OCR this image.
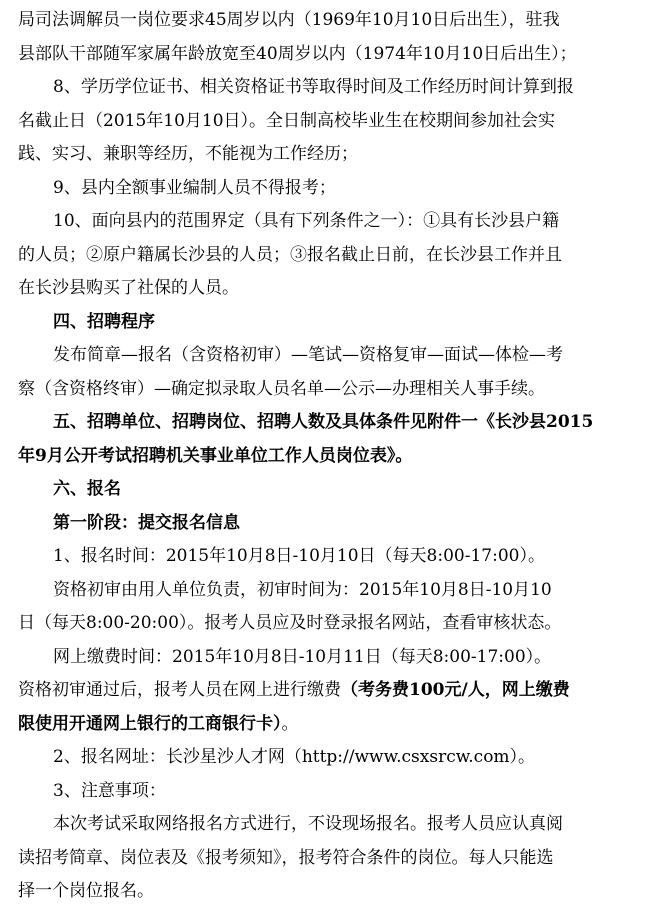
局司法调解员一岗位要求45周岁以内（1969年10月10日后出生），驻我
县部队干部随军家属年龄放宽至40周岁以内（1974年10月10日后出生）；
8、学历学位证书、相关资格证书等取得时间及工作经历时间计算到报
名截止日（2015年10月10日）。全日制高校毕业生在校期间参加社会实
践、实习、兼职等经历，不能视为工作经历；
9、县内全额事业编制人员不得报考；
10、面向县内的范围界定（具有下列条件之一）：①具有长沙县户籍
的人员；②原户籍属长沙县的人员；③报名截止日前，在长沙县工作并且
在长沙县购买了社保的人员。
四、招聘程序
发布简章—报名（含资格初审）—笔试—资格复审—面试—体检—考
察（含资格终审）—确定拟录取人员名单—公示—办理相关人事手续。
五、招聘单位、招聘岗位、招聘人数及具体条件见附件一《长沙县2015
年9月公开考试招聘机关事业单位工作人员岗位表》。
六、报名
第一阶段：提交报名信息
1、报名时间：2015年10月8日-10月10日（每天8:00-17:00）。
资格初审由用人单位负责，初审时间为：2015年10月8日-10月10
日（每天8:00-20:00）。报考人员应及时登录报名网站，查看审核状态。
网上缴费时间：2015年10月8日-10月11日（每天8:00-17:00）。
资格初审通过后，报考人员在网上进行缴费（考务费100元/人，网上缴费
限使用开通网上银行的工商银行卡）。
2、报名网址：长沙星沙人才网（http://www.csxsrcw.com）。
3、注意事项：
本次考试采取网络报名方式进行，不设现场报名。报考人员应认真阅
读招考简章、岗位表及《报考须知》，报考符合条件的岗位。每人只能选
择一个岗位报名。
